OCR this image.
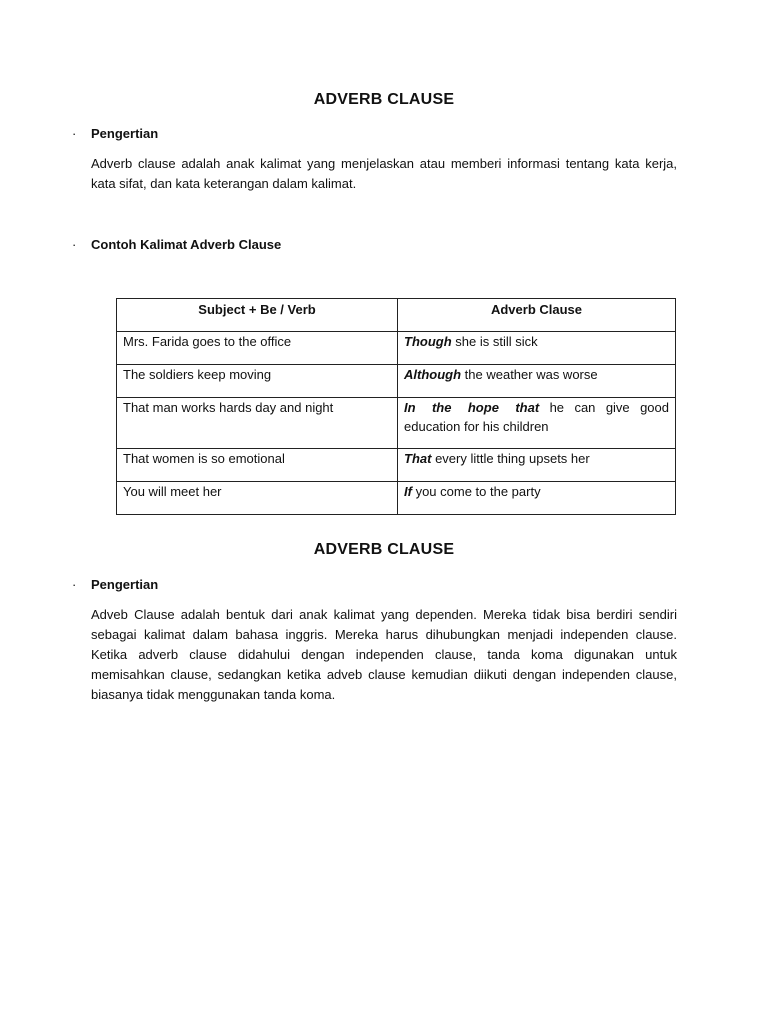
ADVERB CLAUSE
· Pengertian
Adverb clause adalah anak kalimat yang menjelaskan atau memberi informasi tentang kata kerja, kata sifat, dan kata keterangan dalam kalimat.
· Contoh Kalimat Adverb Clause
Subject + Be / Verb	Adverb Clause
Mrs. Farida goes to the office	Though she is still sick
The soldiers keep moving	Although the weather was worse
That man works hards day and night	In the hope that he can give good education for his children
That women is so emotional	That every little thing upsets her
You will meet her	If you come to the party
ADVERB CLAUSE
· Pengertian
Adveb Clause adalah bentuk dari anak kalimat yang dependen. Mereka tidak bisa berdiri sendiri sebagai kalimat dalam bahasa inggris. Mereka harus dihubungkan menjadi independen clause. Ketika adverb clause didahului dengan independen clause, tanda koma digunakan untuk memisahkan clause, sedangkan ketika adveb clause kemudian diikuti dengan independen clause, biasanya tidak menggunakan tanda koma.
